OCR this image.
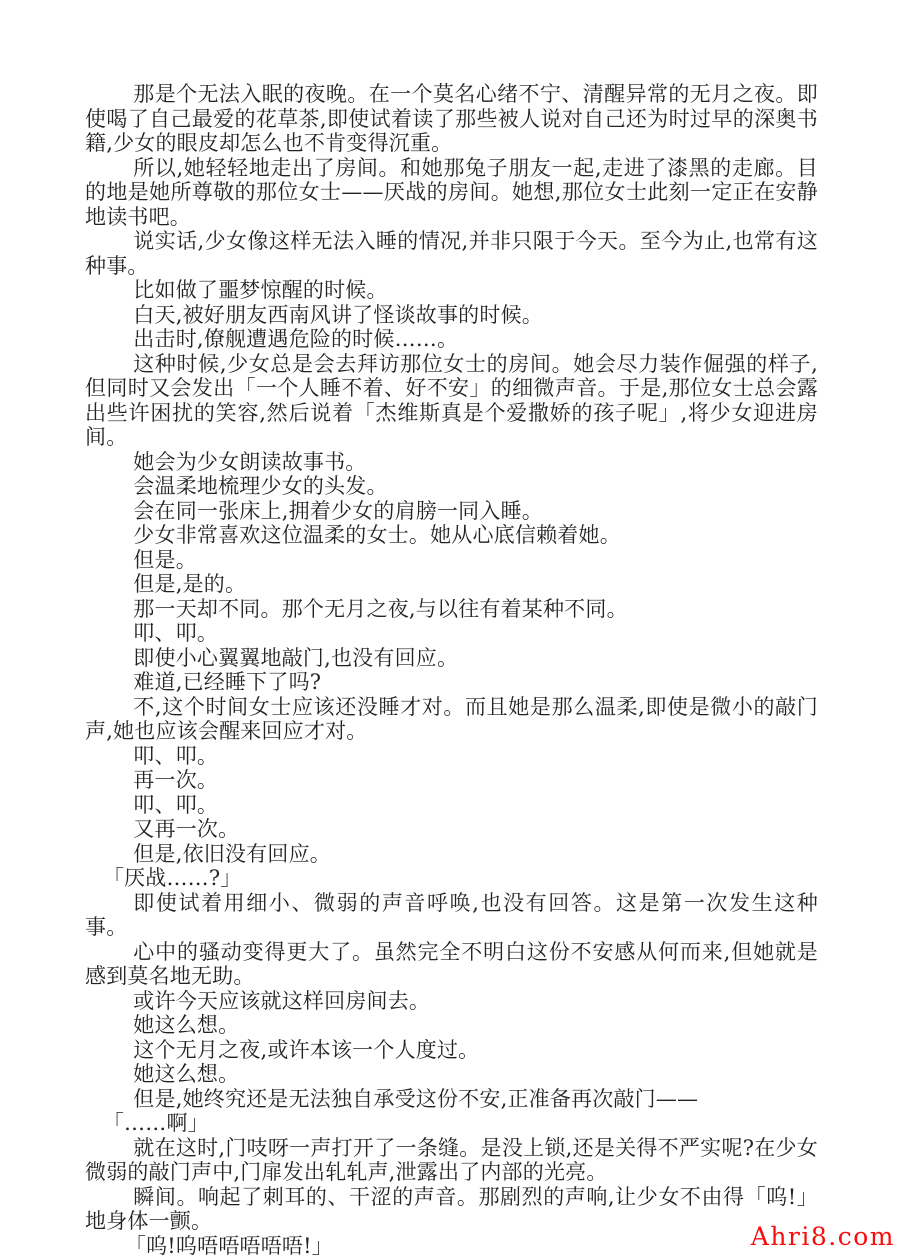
那是个无法入眠的夜晚。在一个莫名心绪不宁、清醒异常的无月之夜。即使喝了自己最爱的花草茶,即使试着读了那些被人说对自己还为时过早的深奥书籍,少女的眼皮却怎么也不肯变得沉重。

所以,她轻轻地走出了房间。和她那兔子朋友一起,走进了漆黑的走廊。目的地是她所尊敬的那位女士——厌战的房间。她想,那位女士此刻一定正在安静地读书吧。

说实话,少女像这样无法入睡的情况,并非只限于今天。至今为止,也常有这种事。

比如做了噩梦惊醒的时候。

白天,被好朋友西南风讲了怪谈故事的时候。

出击时,僚舰遭遇危险的时候……。

这种时候,少女总是会去拜访那位女士的房间。她会尽力装作倔强的样子,但同时又会发出「一个人睡不着、好不安」的细微声音。于是,那位女士总会露出些许困扰的笑容,然后说着「杰维斯真是个爱撒娇的孩子呢」,将少女迎进房间。

她会为少女朗读故事书。

会温柔地梳理少女的头发。

会在同一张床上,拥着少女的肩膀一同入睡。

少女非常喜欢这位温柔的女士。她从心底信赖着她。

但是。

但是,是的。

那一天却不同。那个无月之夜,与以往有着某种不同。

叩、叩。

即使小心翼翼地敲门,也没有回应。

难道,已经睡下了吗?

不,这个时间女士应该还没睡才对。而且她是那么温柔,即使是微小的敲门声,她也应该会醒来回应才对。

叩、叩。

再一次。

叩、叩。

又再一次。

但是,依旧没有回应。

「厌战……?」

即使试着用细小、微弱的声音呼唤,也没有回答。这是第一次发生这种事。

心中的骚动变得更大了。虽然完全不明白这份不安感从何而来,但她就是感到莫名地无助。

或许今天应该就这样回房间去。

她这么想。

这个无月之夜,或许本该一个人度过。

她这么想。

但是,她终究还是无法独自承受这份不安,正准备再次敲门——

「……啊」

就在这时,门吱呀一声打开了一条缝。是没上锁,还是关得不严实呢?在少女微弱的敲门声中,门扉发出轧轧声,泄露出了内部的光亮。

瞬间。响起了刺耳的、干涩的声音。那剧烈的声响,让少女不由得「呜!」地身体一颤。

「呜!呜唔唔唔唔唔!」	Ahri8.com
